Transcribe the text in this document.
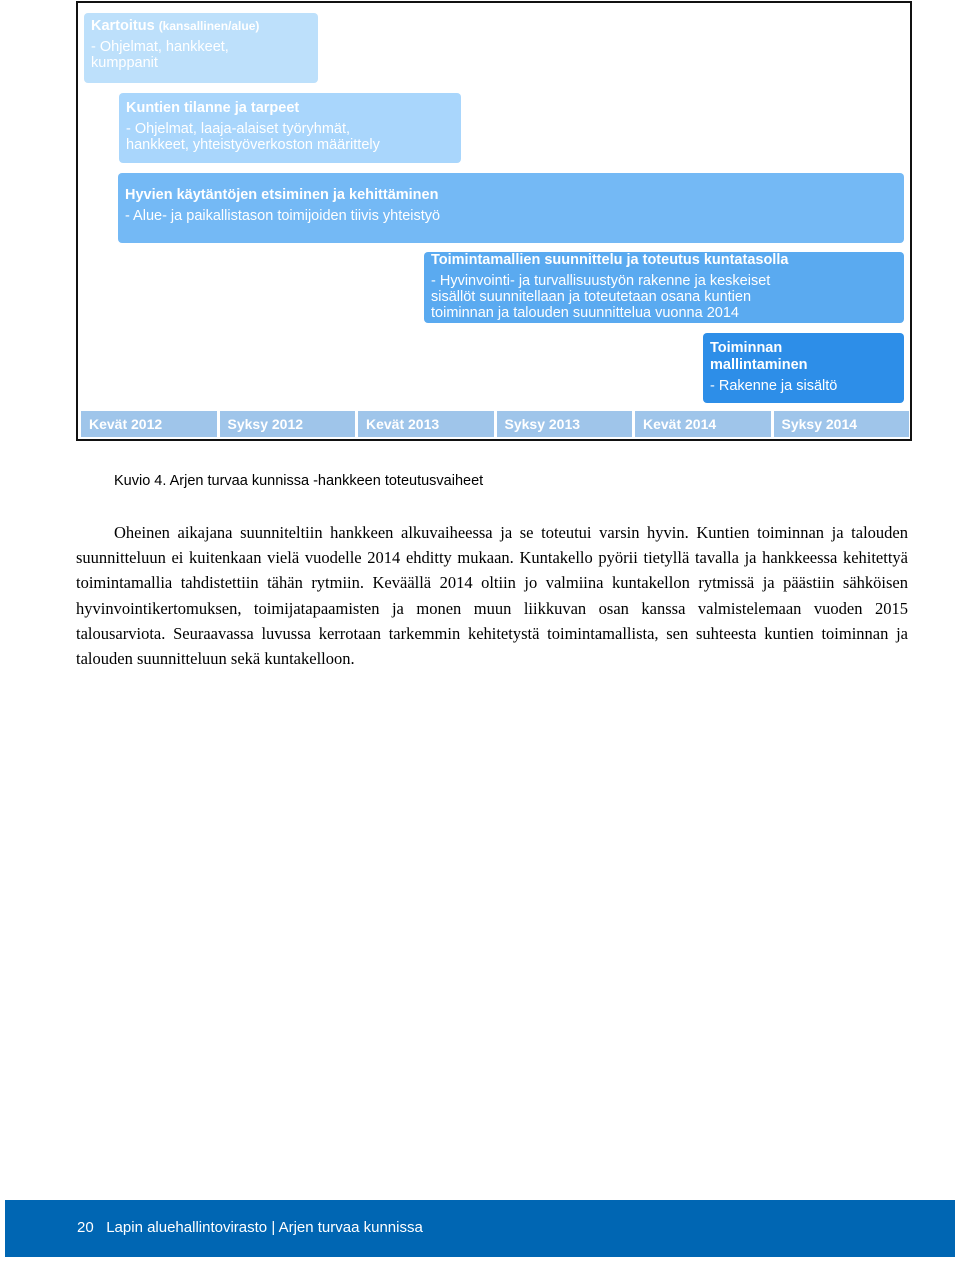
Kartoitus (kansallinen/alue)
- Ohjelmat, hankkeet,
kumppanit
Kuntien tilanne ja tarpeet
- Ohjelmat, laaja-alaiset työryhmät,
hankkeet, yhteistyöverkoston määrittely
Hyvien käytäntöjen etsiminen ja kehittäminen
- Alue- ja paikallistason toimijoiden tiivis yhteistyö
Toimintamallien suunnittelu ja toteutus kuntatasolla
- Hyvinvointi- ja turvallisuustyön rakenne ja keskeiset
sisällöt suunnitellaan ja toteutetaan osana kuntien
toiminnan ja talouden suunnittelua vuonna 2014
Toiminnan
mallintaminen
- Rakenne ja sisältö
Kevät 2012	Syksy 2012	Kevät 2013	Syksy 2013	Kevät 2014	Syksy 2014
Kuvio 4. Arjen turvaa kunnissa -hankkeen toteutusvaiheet

Oheinen aikajana suunniteltiin hankkeen alkuvaiheessa ja se toteutui varsin hyvin. Kuntien toiminnan ja talouden suunnitteluun ei kuitenkaan vielä vuodelle 2014 ehditty mukaan. Kuntakello pyörii tietyllä tavalla ja hankkeessa kehitettyä toimintamallia tahdistettiin tähän rytmiin. Keväällä 2014 oltiin jo valmiina kuntakellon rytmissä ja päästiin sähköisen hyvinvointikertomuksen, toimijatapaamisten ja monen muun liikkuvan osan kanssa valmistelemaan vuoden 2015 talousarviota. Seuraavassa luvussa kerrotaan tarkemmin kehitetystä toimintamallista, sen suhteesta kuntien toiminnan ja talouden suunnitteluun sekä kuntakelloon.

20 Lapin aluehallintovirasto | Arjen turvaa kunnissa
